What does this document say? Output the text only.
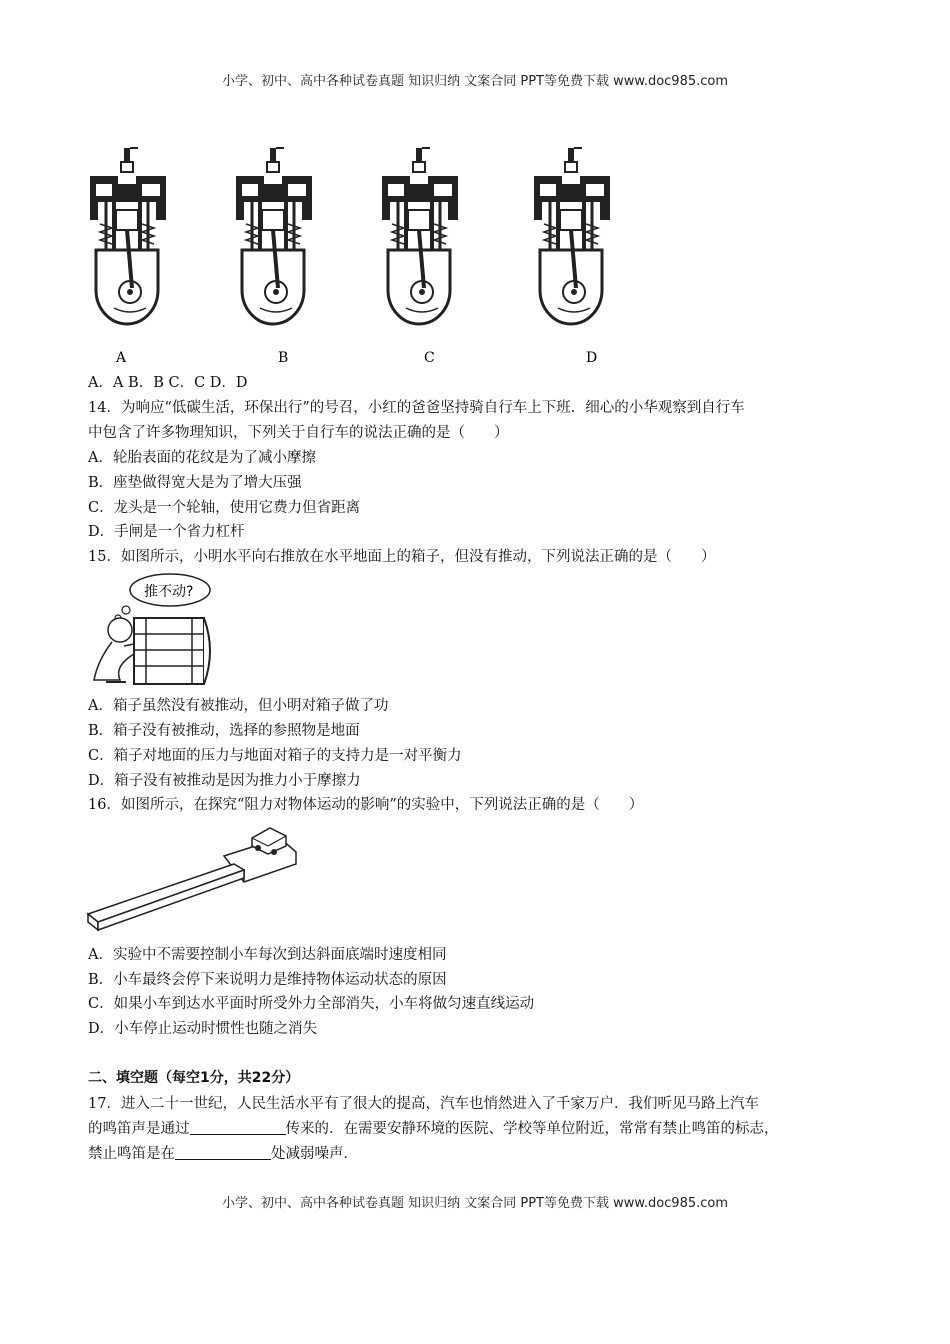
小学、初中、高中各种试卷真题 知识归纳 文案合同 PPT等免费下载 www.doc985.com
A	B	C	D
A．A B．B C．C D．D
14．为响应“低碳生活，环保出行”的号召，小红的爸爸坚持骑自行车上下班．细心的小华观察到自行车
中包含了许多物理知识，下列关于自行车的说法正确的是（　　）
A．轮胎表面的花纹是为了减小摩擦
B．座垫做得宽大是为了增大压强
C．龙头是一个轮轴，使用它费力但省距离
D．手闸是一个省力杠杆
15．如图所示，小明水平向右推放在水平地面上的箱子，但没有推动，下列说法正确的是（　　）
推不动?
A．箱子虽然没有被推动，但小明对箱子做了功
B．箱子没有被推动，选择的参照物是地面
C．箱子对地面的压力与地面对箱子的支持力是一对平衡力
D．箱子没有被推动是因为推力小于摩擦力
16．如图所示，在探究“阻力对物体运动的影响”的实验中，下列说法正确的是（　　）
A．实验中不需要控制小车每次到达斜面底端时速度相同
B．小车最终会停下来说明力是维持物体运动状态的原因
C．如果小车到达水平面时所受外力全部消失，小车将做匀速直线运动
D．小车停止运动时惯性也随之消失
二、填空题（每空1分，共22分）
17．进入二十一世纪，人民生活水平有了很大的提高，汽车也悄然进入了千家万户．我们听见马路上汽车
的鸣笛声是通过	传来的．在需要安静环境的医院、学校等单位附近，常常有禁止鸣笛的标志，
禁止鸣笛是在	处减弱噪声．
小学、初中、高中各种试卷真题 知识归纳 文案合同 PPT等免费下载 www.doc985.com
